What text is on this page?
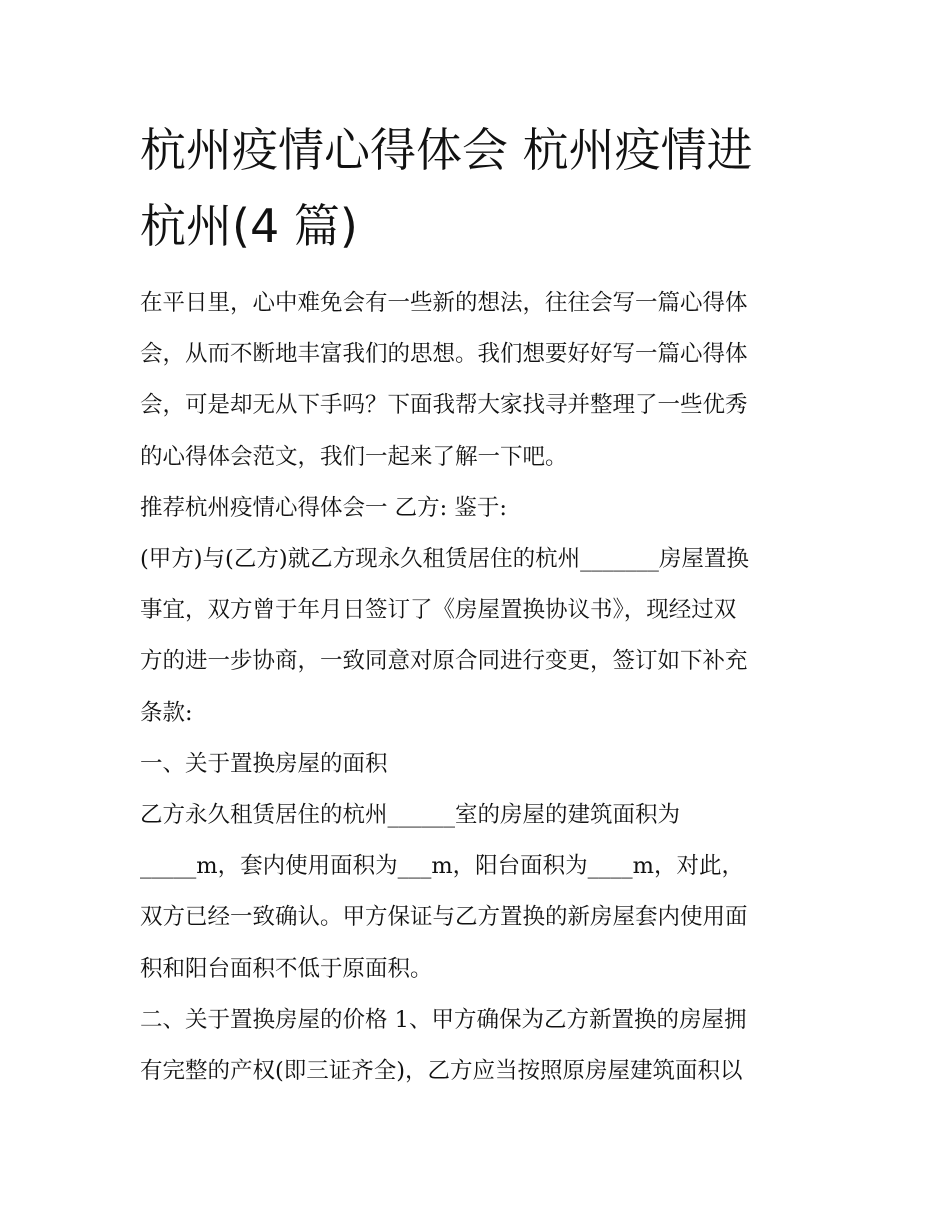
杭州疫情心得体会 杭州疫情进
杭州(4 篇)

在平日里，心中难免会有一些新的想法，往往会写一篇心得体
会，从而不断地丰富我们的思想。我们想要好好写一篇心得体
会，可是却无从下手吗？下面我帮大家找寻并整理了一些优秀
的心得体会范文，我们一起来了解一下吧。

推荐杭州疫情心得体会一 乙方: 鉴于:

(甲方)与(乙方)就乙方现永久租赁居住的杭州_______房屋置换
事宜，双方曾于年月日签订了《房屋置换协议书》，现经过双
方的进一步协商，一致同意对原合同进行变更，签订如下补充
条款:

一、关于置换房屋的面积

乙方永久租赁居住的杭州______室的房屋的建筑面积为
_____m，套内使用面积为___m，阳台面积为____m，对此，
双方已经一致确认。甲方保证与乙方置换的新房屋套内使用面
积和阳台面积不低于原面积。

二、关于置换房屋的价格 1、甲方确保为乙方新置换的房屋拥
有完整的产权(即三证齐全)，乙方应当按照原房屋建筑面积以
